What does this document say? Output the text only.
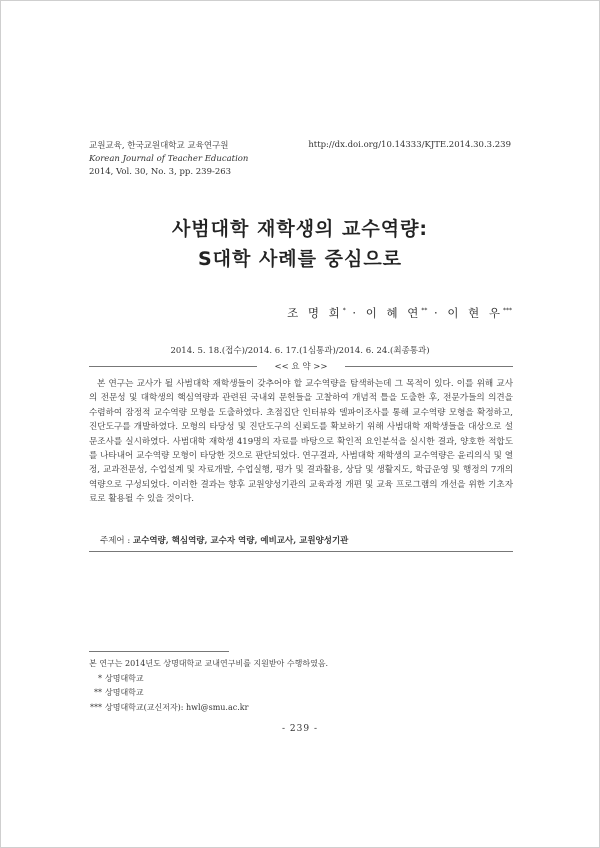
교원교육, 한국교원대학교 교육연구원
Korean Journal of Teacher Education
2014, Vol. 30, No. 3, pp. 239-263
http://dx.doi.org/10.14333/KJTE.2014.30.3.239
사범대학 재학생의 교수역량:
S대학 사례를 중심으로
조 명 희* · 이 혜 연** · 이 현 우***
2014. 5. 18.(접수)/2014. 6. 17.(1심통과)/2014. 6. 24.(최종통과)
<< 요 약 >>
본 연구는 교사가 될 사범대학 재학생들이 갖추어야 할 교수역량을 탐색하는데 그 목적이 있다. 이를 위해 교사의 전문성 및 대학생의 핵심역량과 관련된 국내외 문헌들을 고찰하여 개념적 틀을 도출한 후, 전문가들의 의견을 수렴하여 잠정적 교수역량 모형을 도출하였다. 초점집단 인터뷰와 델파이조사를 통해 교수역량 모형을 확정하고, 진단도구를 개발하였다. 모형의 타당성 및 진단도구의 신뢰도를 확보하기 위해 사범대학 재학생들을 대상으로 설문조사를 실시하였다. 사범대학 재학생 419명의 자료를 바탕으로 확인적 요인분석을 실시한 결과, 양호한 적합도를 나타내어 교수역량 모형이 타당한 것으로 판단되었다. 연구결과, 사범대학 재학생의 교수역량은 윤리의식 및 열정, 교과전문성, 수업설계 및 자료개발, 수업실행, 평가 및 결과활용, 상담 및 생활지도, 학급운영 및 행정의 7개의 역량으로 구성되었다. 이러한 결과는 향후 교원양성기관의 교육과정 개편 및 교육 프로그램의 개선을 위한 기초자료로 활용될 수 있을 것이다.
주제어 : 교수역량, 핵심역량, 교수자 역량, 예비교사, 교원양성기관
본 연구는 2014년도 상명대학교 교내연구비를 지원받아 수행하였음.
* 상명대학교
** 상명대학교
*** 상명대학교(교신저자): hwl@smu.ac.kr
- 239 -
